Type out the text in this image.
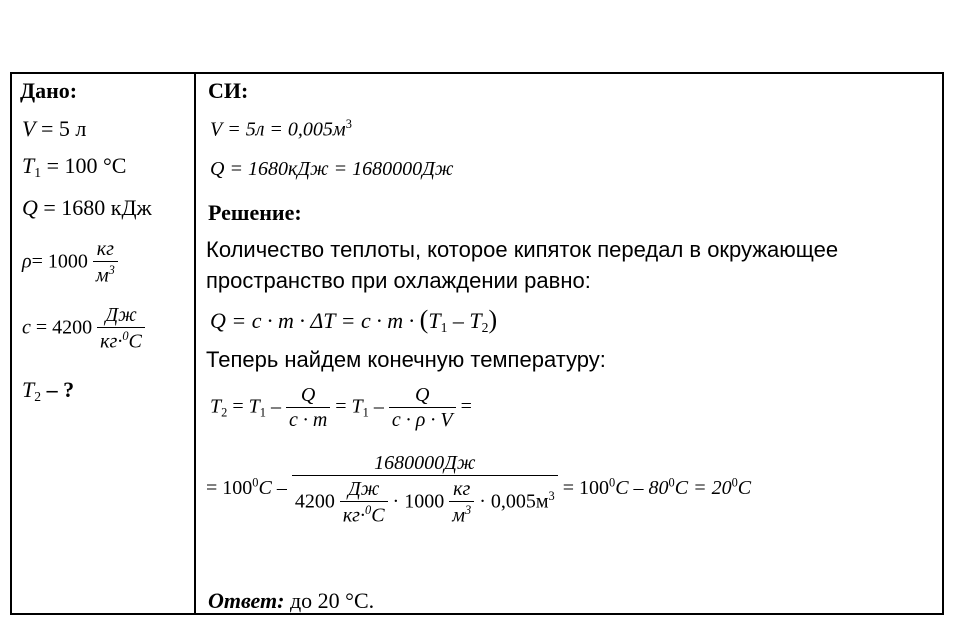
Дано:
V = 5 л
$T_1 = 100$ °C
Q = 1680 кДж
$\rho= 1000 \frac{кг}{м^3}$
$c = 4200 \frac{Дж}{кг\cdot^0C}$
$T_2$ – ?
СИ:
$V = 5л = 0,005м^3$
Q = 1680кДж = 1680000Дж
Решение:
Количество теплоты, которое кипяток передал в окружающее
пространство при охлаждении равно:
$Q = c \cdot m \cdot \Delta T = c \cdot m \cdot (T_1 - T_2)$
Теперь найдем конечную температуру:
$T_2 = T_1 - \frac{Q}{c \cdot m} = T_1 - \frac{Q}{c \cdot \rho \cdot V}$ =
= $100^0C$ –
1680000Дж
$4200 \frac{Дж}{кг\cdot^0C} \cdot 1000 \frac{кг}{м^3} \cdot 0,005м^3 = 100^0C - 80^0C = 20^0C$
Ответ: до 20 °C.
